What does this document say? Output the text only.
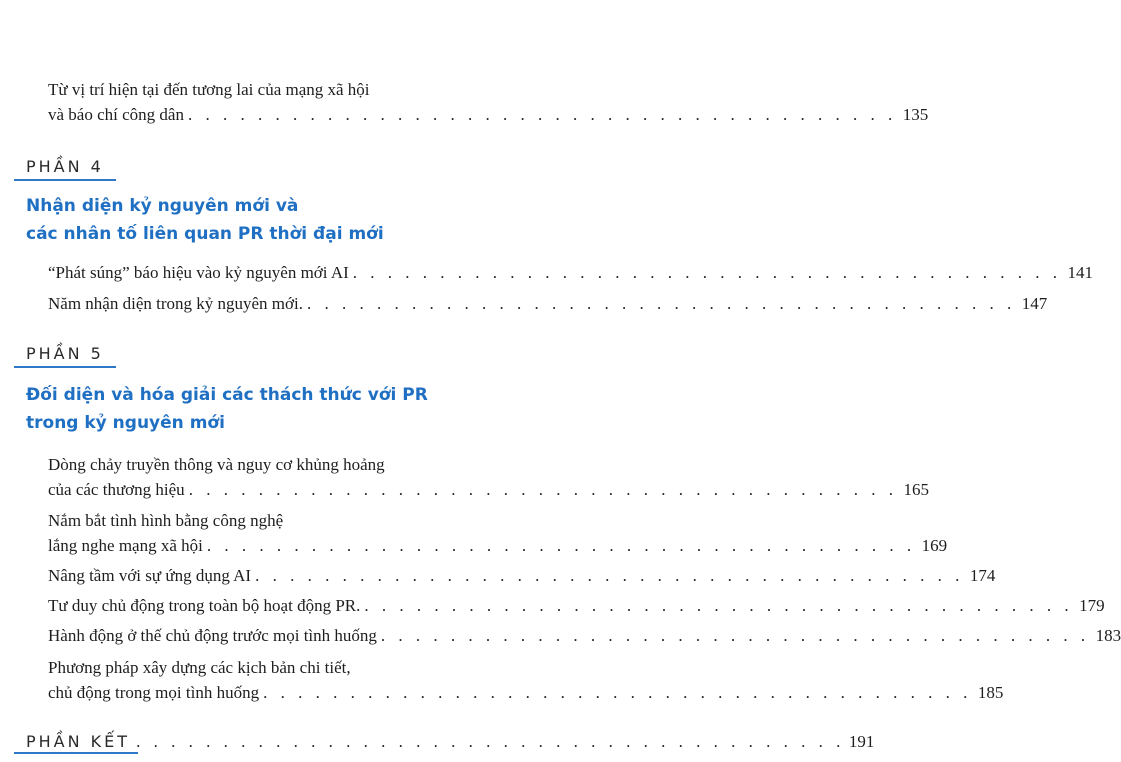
Từ vị trí hiện tại đến tương lai của mạng xã hội
và báo chí công dân . . . . . . . . . . . . . . . . . . . . . . . . . . . . . . . . . . . . . . . . . 135
PHẦN 4
Nhận diện kỷ nguyên mới và
các nhân tố liên quan PR thời đại mới
“Phát súng” báo hiệu vào kỷ nguyên mới AI . . . . . . . . . . . . . . . . . . . . . . . . . . . . . . . . . . . . . . . . . 141
Năm nhận diện trong kỷ nguyên mới. . . . . . . . . . . . . . . . . . . . . . . . . . . . . . . . . . . . . . . . . . 147
PHẦN 5
Đối diện và hóa giải các thách thức với PR
trong kỷ nguyên mới
Dòng chảy truyền thông và nguy cơ khủng hoảng
của các thương hiệu . . . . . . . . . . . . . . . . . . . . . . . . . . . . . . . . . . . . . . . . . 165
Nắm bắt tình hình bằng công nghệ
lắng nghe mạng xã hội . . . . . . . . . . . . . . . . . . . . . . . . . . . . . . . . . . . . . . . . . 169
Nâng tầm với sự ứng dụng AI . . . . . . . . . . . . . . . . . . . . . . . . . . . . . . . . . . . . . . . . . 174
Tư duy chủ động trong toàn bộ hoạt động PR. . . . . . . . . . . . . . . . . . . . . . . . . . . . . . . . . . . . . . . . . . 179
Hành động ở thế chủ động trước mọi tình huống . . . . . . . . . . . . . . . . . . . . . . . . . . . . . . . . . . . . . . . . . 183
Phương pháp xây dựng các kịch bản chi tiết,
chủ động trong mọi tình huống . . . . . . . . . . . . . . . . . . . . . . . . . . . . . . . . . . . . . . . . . 185
PHẦN KẾT . . . . . . . . . . . . . . . . . . . . . . . . . . . . . . . . . . . . . . . . . 191
